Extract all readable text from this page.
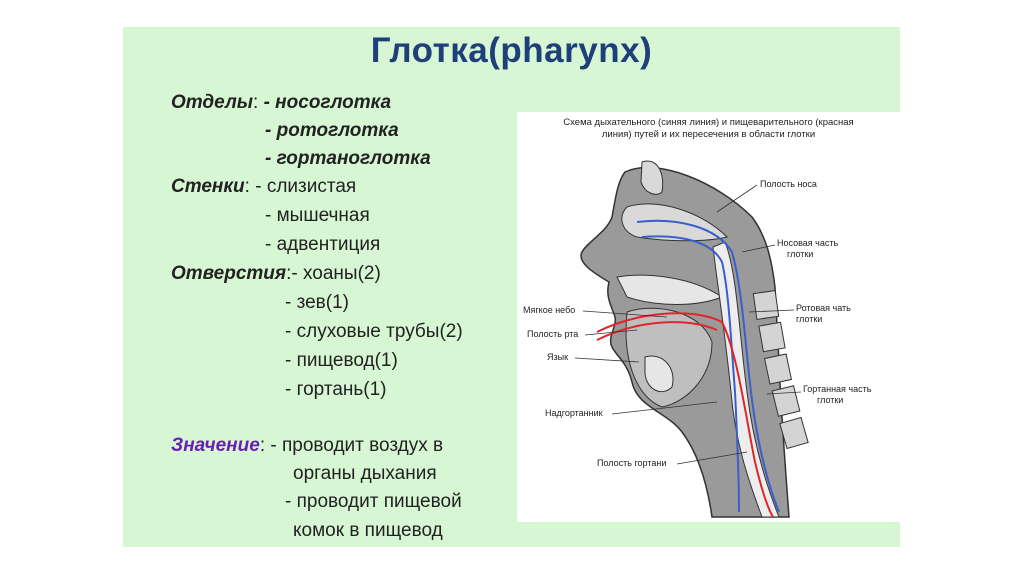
Глотка(pharynx)
Отделы: - носоглотка
- ротоглотка
- гортаноглотка
Стенки: - слизистая
- мышечная
- адвентиция
Отверстия:- хоаны(2)
- зев(1)
- слуховые трубы(2)
- пищевод(1)
- гортань(1)
Значение: - проводит воздух в
органы дыхания
- проводит пищевой
комок в пищевод
Схема дыхательного (синяя линия) и пищеварительного (красная
линия) путей и их пересечения в области глотки
Полость носа
Носовая часть
глотки
Ротовая чать
глотки
Гортанная часть
глотки
Мягкое небо
Полость рта
Язык
Надгортанник
Полость гортани
